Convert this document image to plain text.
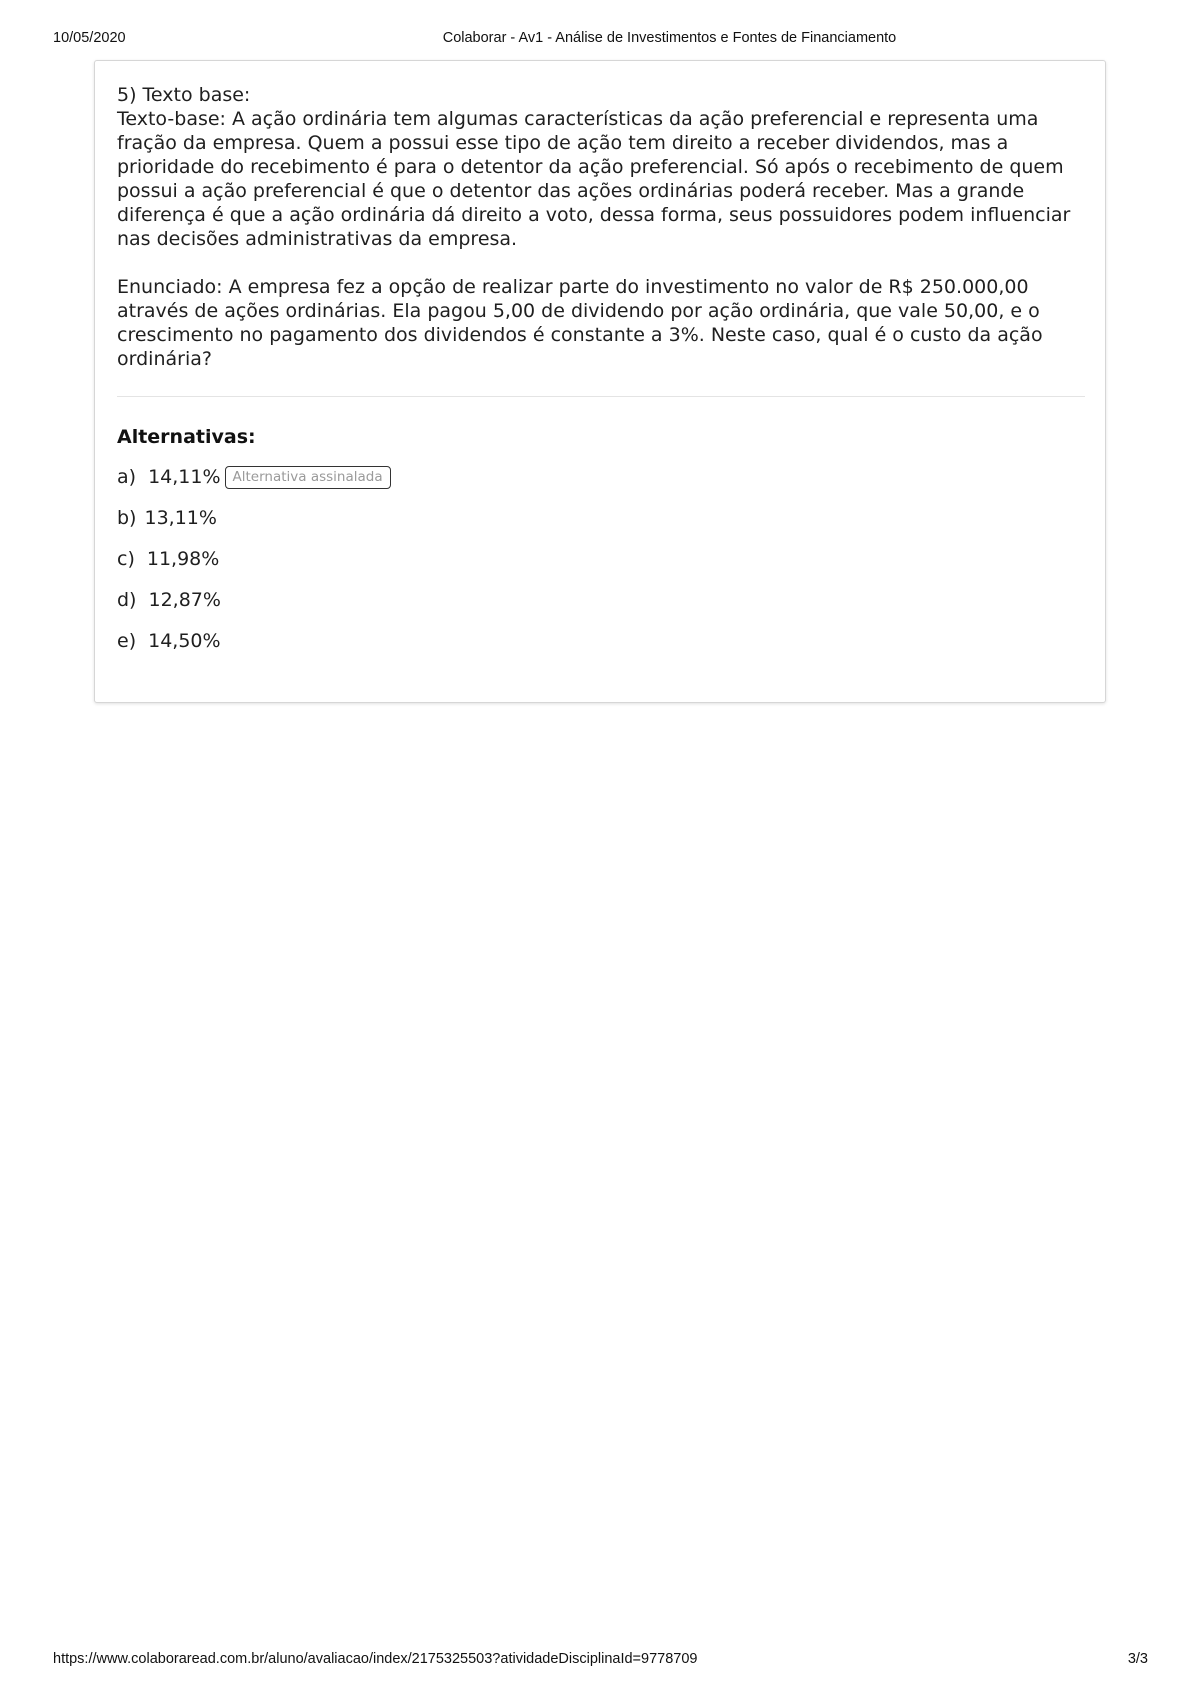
10/05/2020	Colaborar - Av1 - Análise de Investimentos e Fontes de Financiamento

5) Texto base:

Texto-base: A ação ordinária tem algumas características da ação preferencial e representa uma fração da empresa. Quem a possui esse tipo de ação tem direito a receber dividendos, mas a prioridade do recebimento é para o detentor da ação preferencial. Só após o recebimento de quem possui a ação preferencial é que o detentor das ações ordinárias poderá receber. Mas a grande diferença é que a ação ordinária dá direito a voto, dessa forma, seus possuidores podem influenciar nas decisões administrativas da empresa.

Enunciado: A empresa fez a opção de realizar parte do investimento no valor de R$ 250.000,00 através de ações ordinárias. Ela pagou 5,00 de dividendo por ação ordinária, que vale 50,00, e o crescimento no pagamento dos dividendos é constante a 3%. Neste caso, qual é o custo da ação ordinária?

Alternativas:
a) 14,11% Alternativa assinalada
b) 13,11%
c) 11,98%
d) 12,87%
e) 14,50%
https://www.colaboraread.com.br/aluno/avaliacao/index/2175325503?atividadeDisciplinaId=9778709	3/3
